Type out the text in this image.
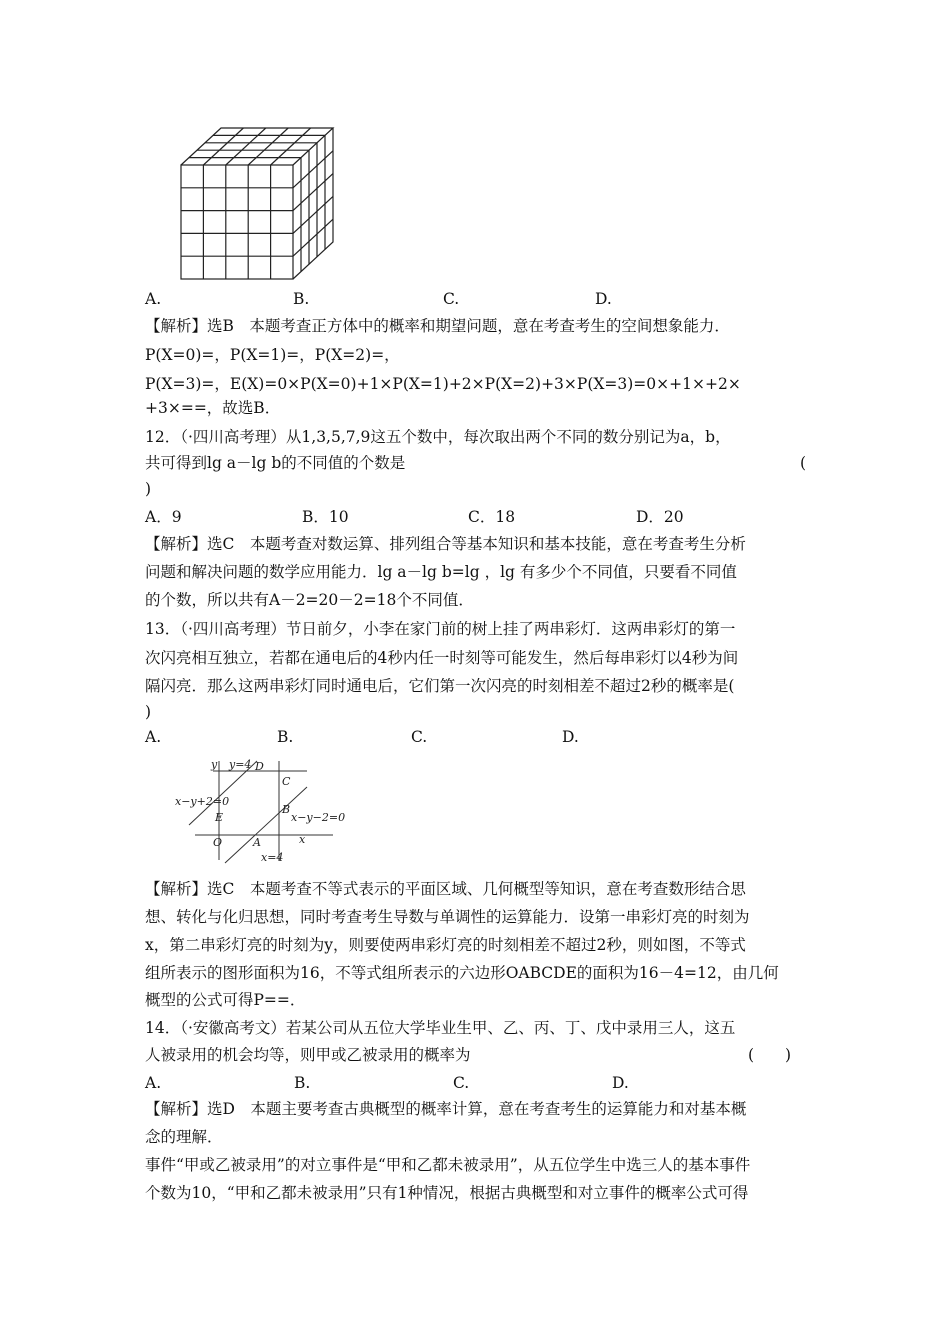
A.	B.	C.	D.
【解析】选B　本题考查正方体中的概率和期望问题，意在考查考生的空间想象能力．
P(X=0)=，P(X=1)=，P(X=2)=，
P(X=3)=，E(X)=0×P(X=0)+1×P(X=1)+2×P(X=2)+3×P(X=3)=0×+1×+2×
+3×==，故选B．
12．（·四川高考理）从1,3,5,7,9这五个数中，每次取出两个不同的数分别记为a，b，
共可得到lg a－lg b的不同值的个数是	(
)
A．9	B．10	C．18	D．20
【解析】选C　本题考查对数运算、排列组合等基本知识和基本技能，意在考查考生分析
问题和解决问题的数学应用能力．lg a－lg b=lg ，lg 有多少个不同值，只要看不同值
的个数，所以共有A－2=20－2=18个不同值．
13．（·四川高考理）节日前夕，小李在家门前的树上挂了两串彩灯．这两串彩灯的第一
次闪亮相互独立，若都在通电后的4秒内任一时刻等可能发生，然后每串彩灯以4秒为间
隔闪亮．那么这两串彩灯同时通电后，它们第一次闪亮的时刻相差不超过2秒的概率是(
)
A.	B.	C.	D.
y y=4 D
C
x−y+2=0
E
B
x−y−2=0
O	A	x
x=4
【解析】选C　本题考查不等式表示的平面区域、几何概型等知识，意在考查数形结合思
想、转化与化归思想，同时考查考生导数与单调性的运算能力．设第一串彩灯亮的时刻为
x，第二串彩灯亮的时刻为y，则要使两串彩灯亮的时刻相差不超过2秒，则如图，不等式
组所表示的图形面积为16，不等式组所表示的六边形OABCDE的面积为16－4=12，由几何
概型的公式可得P==．
14．（·安徽高考文）若某公司从五位大学毕业生甲、乙、丙、丁、戊中录用三人，这五
人被录用的机会均等，则甲或乙被录用的概率为	(　　)
A.	B.	C.	D.
【解析】选D　本题主要考查古典概型的概率计算，意在考查考生的运算能力和对基本概
念的理解．
事件“甲或乙被录用”的对立事件是“甲和乙都未被录用”，从五位学生中选三人的基本事件
个数为10，“甲和乙都未被录用”只有1种情况，根据古典概型和对立事件的概率公式可得
